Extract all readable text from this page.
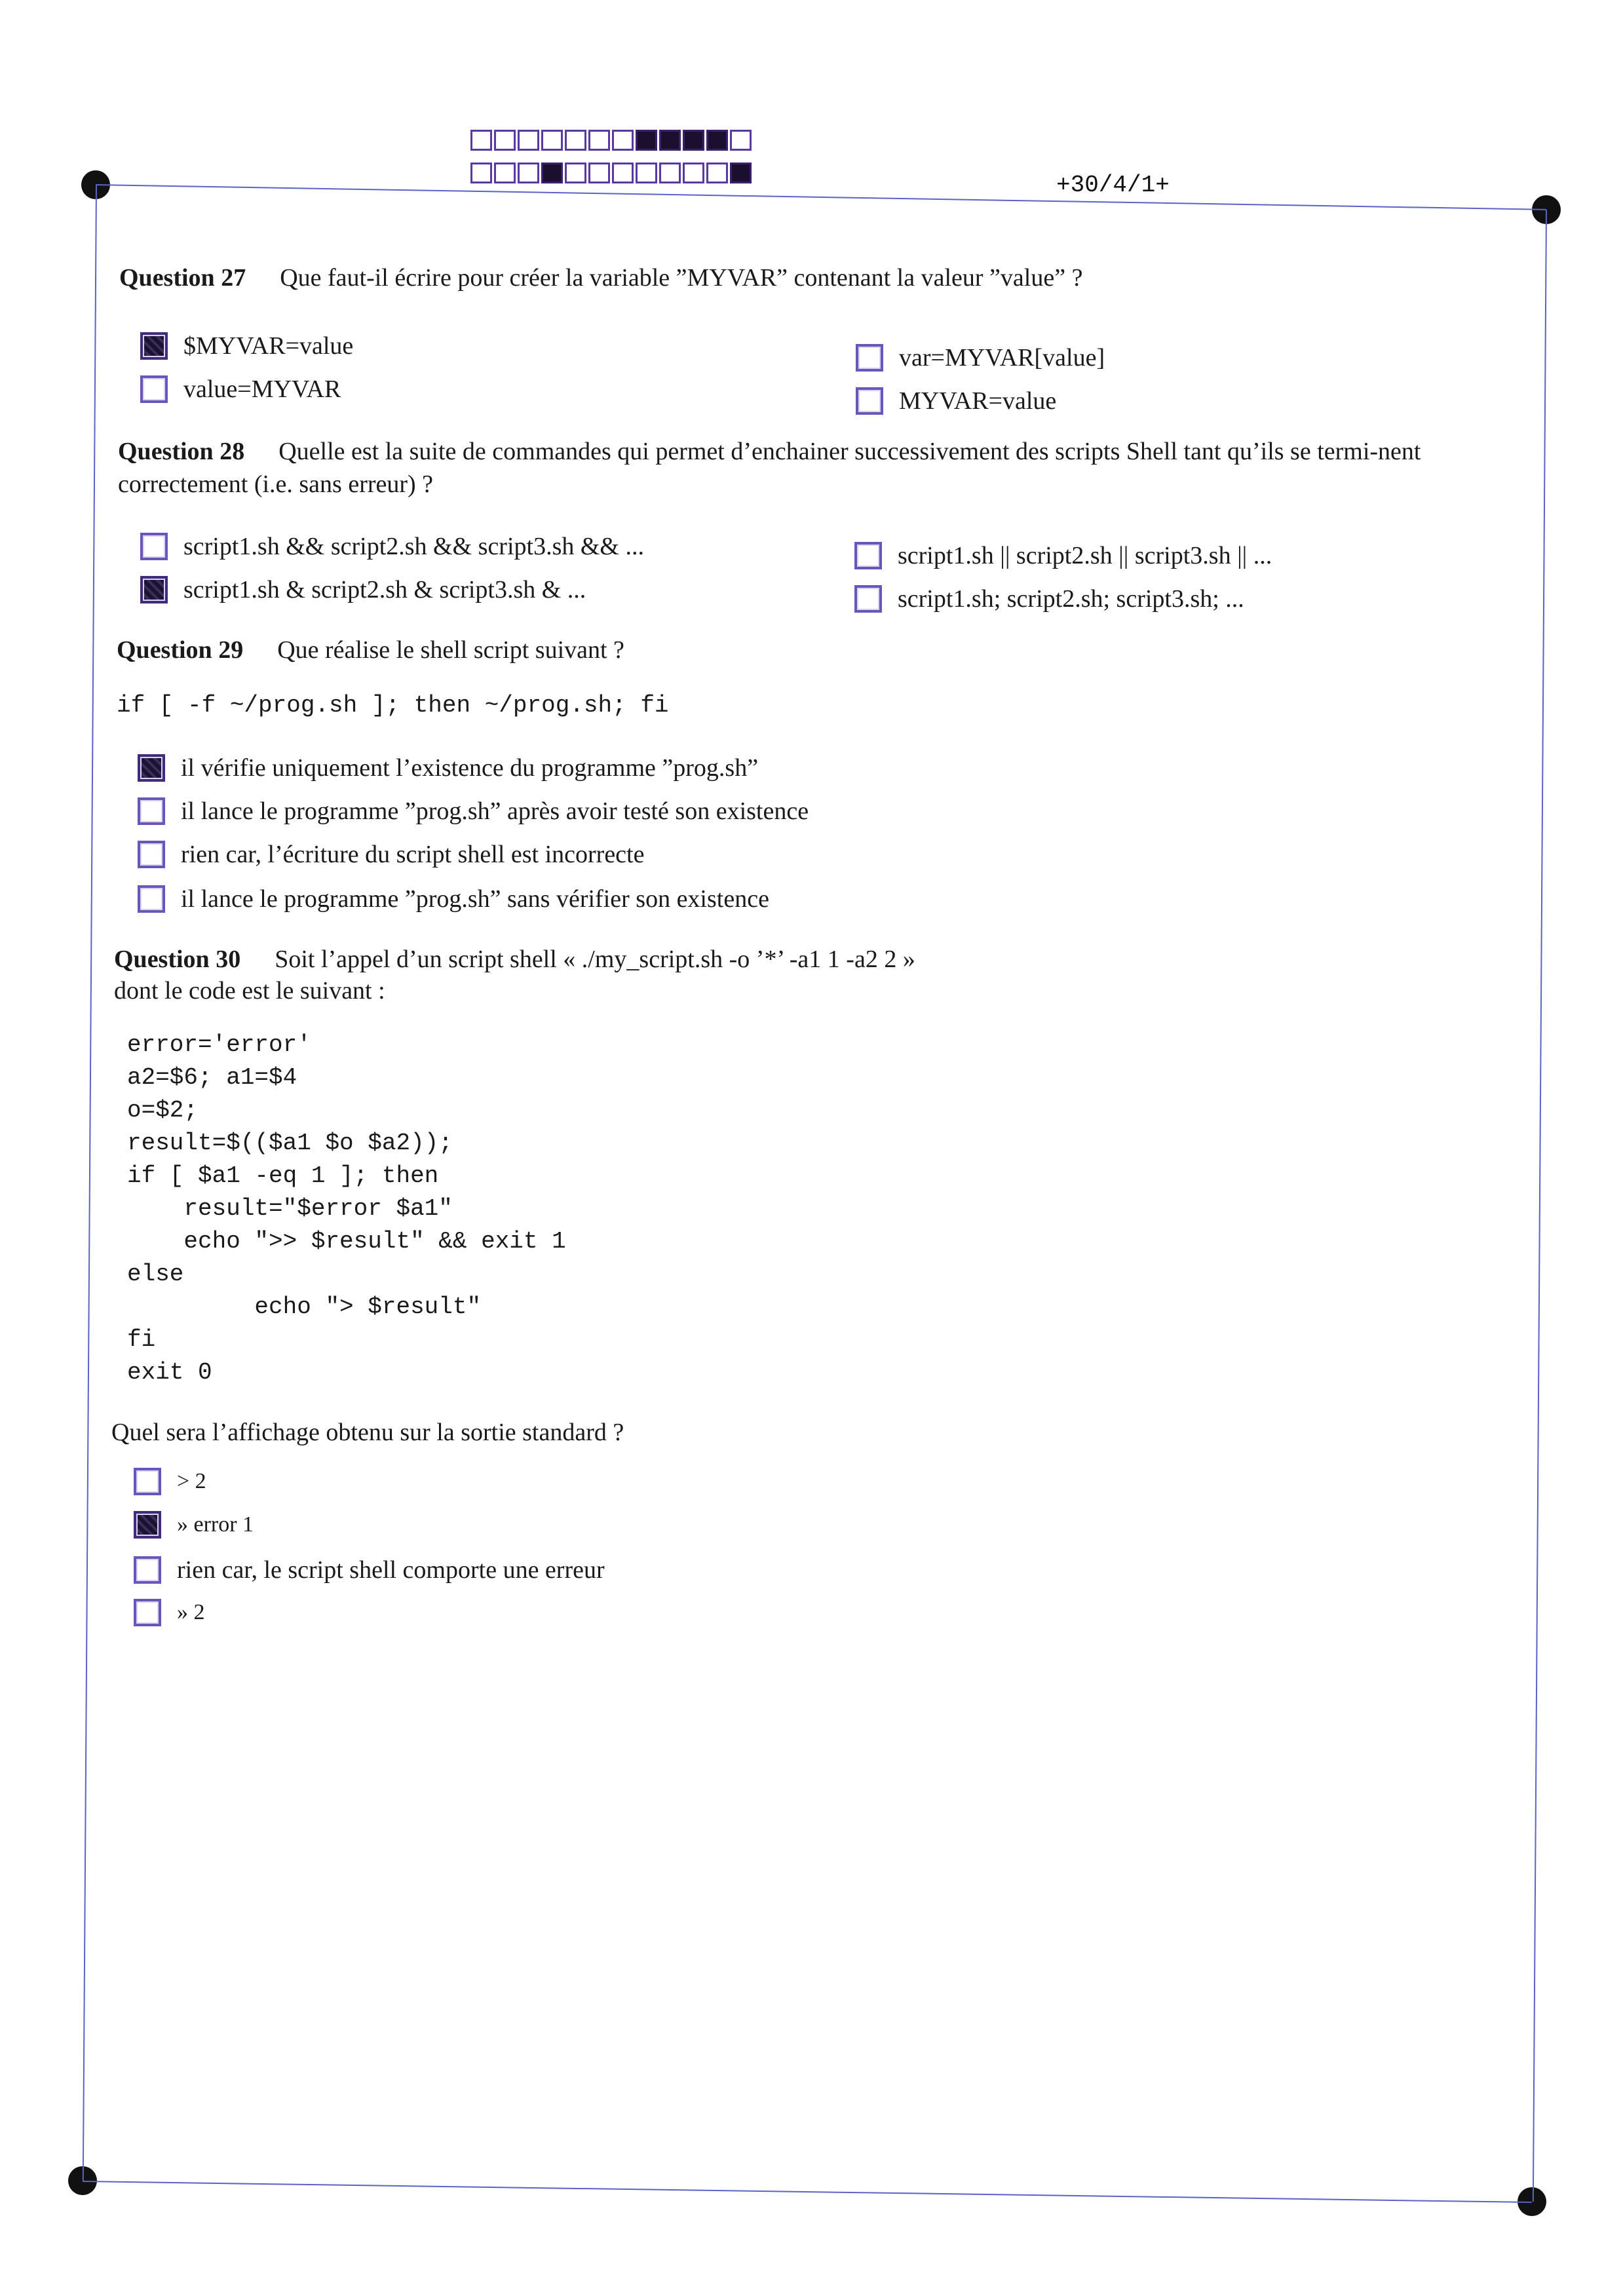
+30/4/1+
Question 27 Que faut-il écrire pour créer la variable ”MYVAR” contenant la valeur ”value” ?
$MYVAR=value
value=MYVAR
var=MYVAR[value]
MYVAR=value
Question 28 Quelle est la suite de commandes qui permet d’enchainer successivement des scripts Shell tant qu’ils se termi-nent correctement (i.e. sans erreur) ?
script1.sh && script2.sh && script3.sh && ...
script1.sh & script2.sh & script3.sh & ...
script1.sh || script2.sh || script3.sh || ...
script1.sh; script2.sh; script3.sh; ...
Question 29 Que réalise le shell script suivant ?
if [ -f ~/prog.sh ]; then ~/prog.sh; fi
il vérifie uniquement l’existence du programme ”prog.sh”
il lance le programme ”prog.sh” après avoir testé son existence
rien car, l’écriture du script shell est incorrecte
il lance le programme ”prog.sh” sans vérifier son existence
Question 30 Soit l’appel d’un script shell « ./my_script.sh -o ’*’ -a1 1 -a2 2 »
dont le code est le suivant :
error='error'
a2=$6; a1=$4
o=$2;
result=$(($a1 $o $a2));
if [ $a1 -eq 1 ]; then
result="$error $a1"
echo ">> $result" && exit 1
else
echo "> $result"
fi
exit 0
Quel sera l’affichage obtenu sur la sortie standard ?
> 2
» error 1
rien car, le script shell comporte une erreur
» 2
